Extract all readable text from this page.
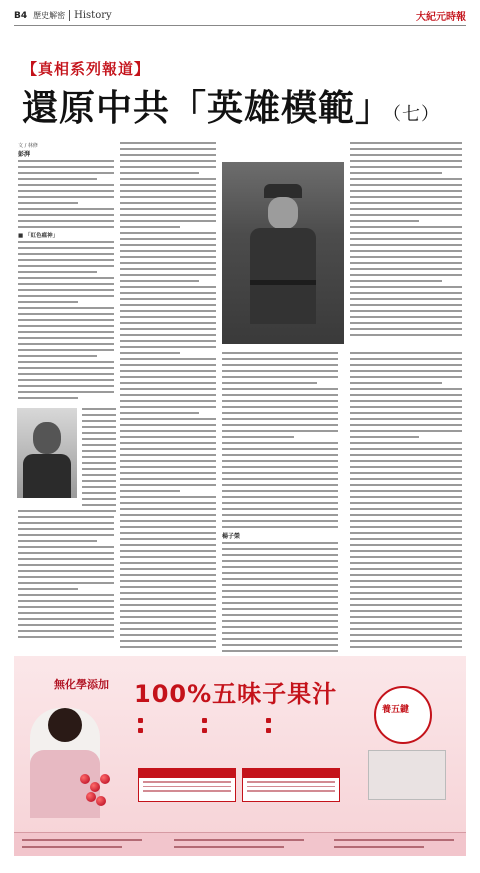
B4 歷史解密 History	大紀元時報
【真相系列報道】
還原中共「英雄模範」（七）
文 / 林修
彭湃
■ 「紅色瘟神」
楊子榮
無化學添加 100%五味子果汁
養五鍵
